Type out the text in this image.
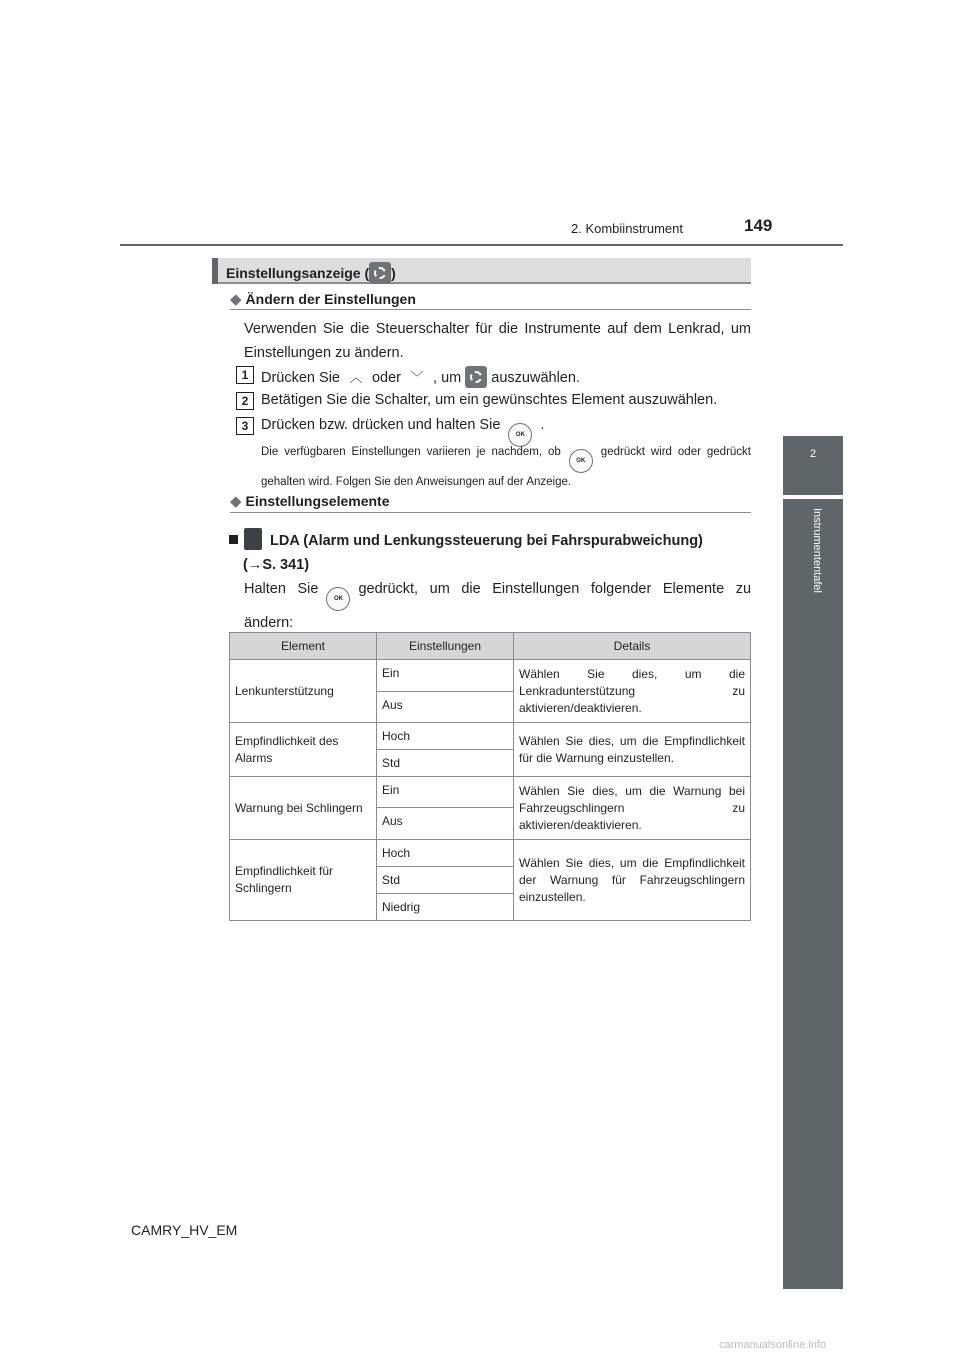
2. Kombiinstrument	149
2
Instrumententafel
Einstellungsanzeige ( )
◆ Ändern der Einstellungen
Verwenden Sie die Steuerschalter für die Instrumente auf dem Lenkrad, um Einstellungen zu ändern.
1 Drücken Sie ︿ oder ﹀ , um auszuwählen.
2 Betätigen Sie die Schalter, um ein gewünschtes Element auszuwählen.
3 Drücken bzw. drücken und halten SieOK.
Die verfügbaren Einstellungen variieren je nachdem, obOKgedrückt wird oder gedrückt gehalten wird. Folgen Sie den Anweisungen auf der Anzeige.
◆ Einstellungselemente
LDA (Alarm und Lenkungssteuerung bei Fahrspurabweichung)
(→S. 341)
Halten SieOKgedrückt, um die Einstellungen folgender Elemente zu ändern:
Element	Einstellungen	Details
Lenkunterstützung	Ein	Wählen Sie dies, um die Lenkradunterstützung zu aktivieren/deaktivieren.
	Aus	
Empfindlichkeit des Alarms	Hoch	Wählen Sie dies, um die Empfindlichkeit für die Warnung einzustellen.
	Std	
Warnung bei Schlingern	Ein	Wählen Sie dies, um die Warnung bei Fahrzeugschlingern zu aktivieren/deaktivieren.
	Aus	
Empfindlichkeit für Schlingern	Hoch	Wählen Sie dies, um die Empfindlichkeit der Warnung für Fahrzeugschlingern einzustellen.
	Std	
	Niedrig	
CAMRY_HV_EM
carmanualsonline.info
